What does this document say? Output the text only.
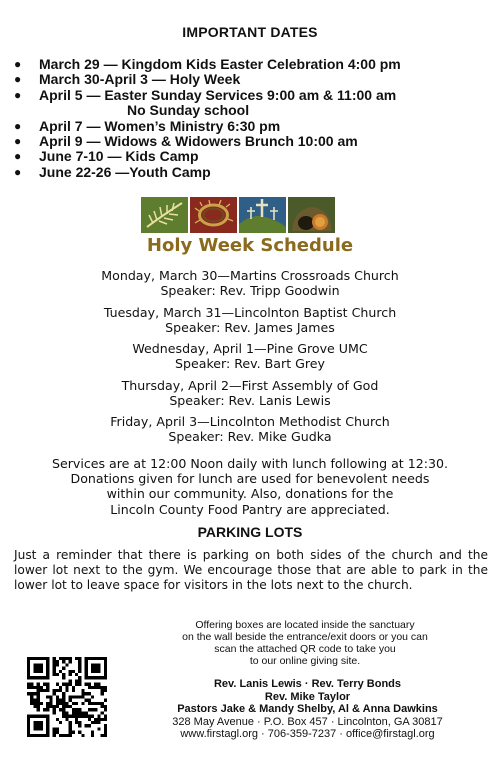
IMPORTANT DATES
● March 29 — Kingdom Kids Easter Celebration 4:00 pm
● March 30-April 3 — Holy Week
● April 5 — Easter Sunday Services 9:00 am & 11:00 am
No Sunday school
● April 7 — Women’s Ministry 6:30 pm
● April 9 — Widows & Widowers Brunch 10:00 am
● June 7-10 — Kids Camp
● June 22-26 —Youth Camp
Holy Week Schedule
Monday, March 30—Martins Crossroads Church
Speaker: Rev. Tripp Goodwin
Tuesday, March 31—Lincolnton Baptist Church
Speaker: Rev. James James
Wednesday, April 1—Pine Grove UMC
Speaker: Rev. Bart Grey
Thursday, April 2—First Assembly of God
Speaker: Rev. Lanis Lewis
Friday, April 3—Lincolnton Methodist Church
Speaker: Rev. Mike Gudka
Services are at 12:00 Noon daily with lunch following at 12:30.
Donations given for lunch are used for benevolent needs
within our community. Also, donations for the
Lincoln County Food Pantry are appreciated.
PARKING LOTS
Just a reminder that there is parking on both sides of the church and the lower lot next to the gym. We encourage those that are able to park in the lower lot to leave space for visitors in the lots next to the church.
Offering boxes are located inside the sanctuary
on the wall beside the entrance/exit doors or you can
scan the attached QR code to take you
to our online giving site.
Rev. Lanis Lewis · Rev. Terry Bonds
Rev. Mike Taylor
Pastors Jake & Mandy Shelby, Al & Anna Dawkins
328 May Avenue · P.O. Box 457 · Lincolnton, GA 30817
www.firstagl.org · 706-359-7237 · office@firstagl.org
